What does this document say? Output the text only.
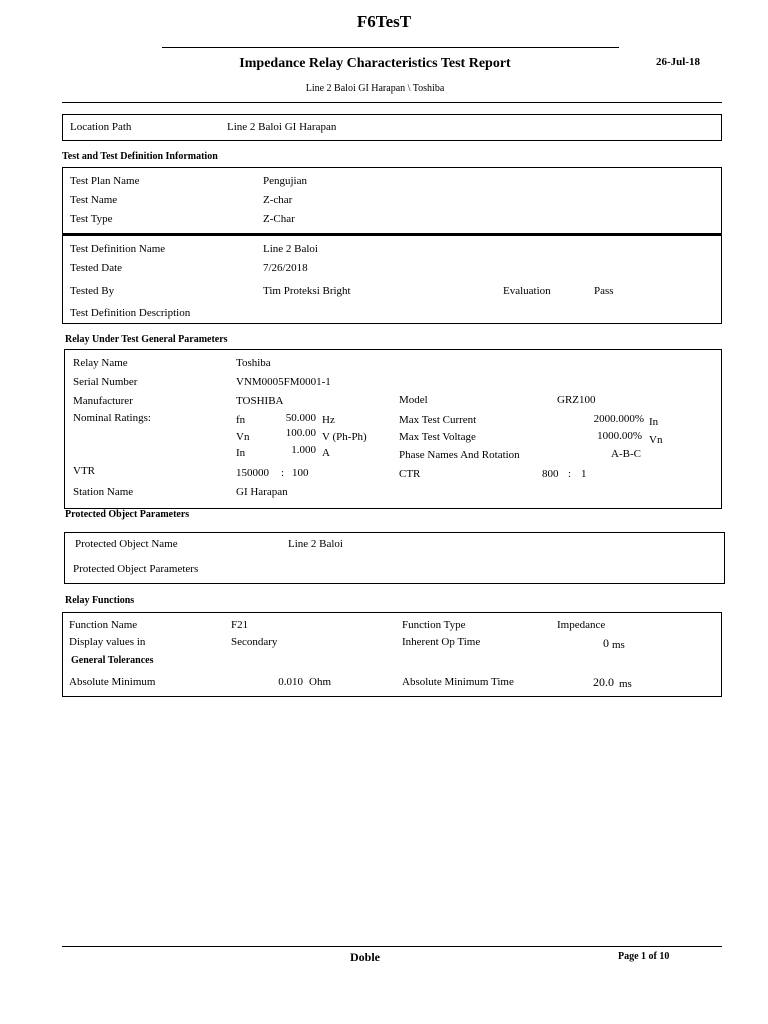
F6TesT
Impedance Relay Characteristics Test Report	26-Jul-18
Line 2 Baloi GI Harapan \ Toshiba
Location Path	Line 2 Baloi GI Harapan
Test and Test Definition Information
Test Plan Name	Pengujian
Test Name	Z-char
Test Type	Z-Char
Test Definition Name	Line 2 Baloi
Tested Date	7/26/2018
Tested By	Tim Proteksi Bright	Evaluation	Pass
Test Definition Description
Relay Under Test General Parameters
Relay Name	Toshiba
Serial Number	VNM0005FM0001-1
Manufacturer	TOSHIBA	Model	GRZ100
Nominal Ratings:	fn	50.000 Hz
Vn	100.00 V (Ph-Ph)
In	1.000 A
Max Test Current	2000.000% In
Max Test Voltage	1000.00% Vn
Phase Names And Rotation	A-B-C
VTR	150000 : 100	CTR	800 : 1
Station Name	GI Harapan
Protected Object Parameters
Protected Object Name	Line 2 Baloi
Protected Object Parameters
Relay Functions
Function Name	F21	Function Type	Impedance
Display values in	Secondary	Inherent Op Time	0 ms
General Tolerances
Absolute Minimum	0.010 Ohm	Absolute Minimum Time	20.0 ms
Doble	Page 1 of 10
